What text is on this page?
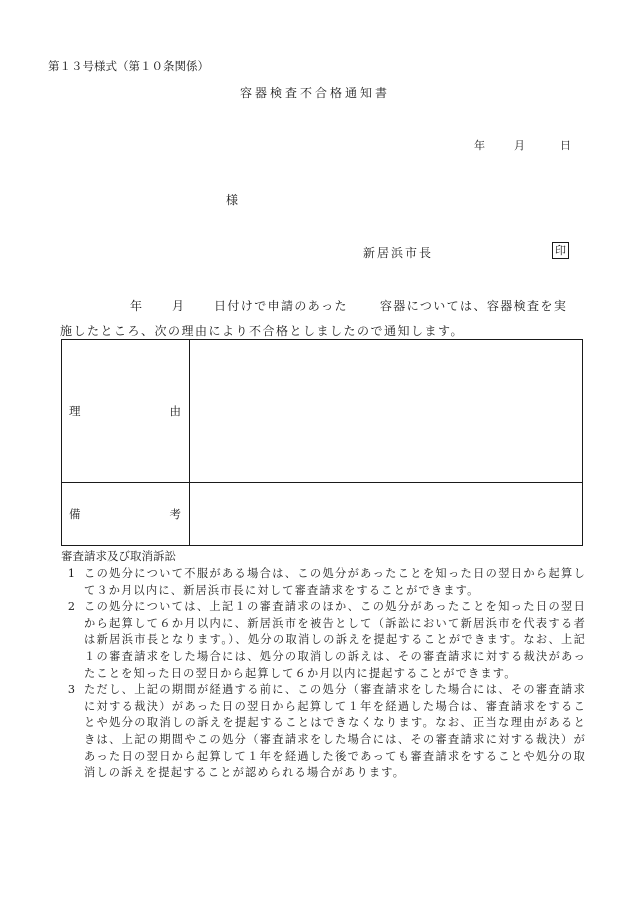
第１３号様式（第１０条関係）
容器検査不合格通知書
年	月	日
様
新居浜市長	印
年 月 日付けで申請のあった	容器については、容器検査を実
施したところ、次の理由により不合格としましたので通知します。
理 由	

備 考	

審査請求及び取消訴訟
1 この処分について不服がある場合は、この処分があったことを知った日の翌日から起算して３か月以内に、新居浜市長に対して審査請求をすることができます。
2 この処分については、上記１の審査請求のほか、この処分があったことを知った日の翌日から起算して６か月以内に、新居浜市を被告として（訴訟において新居浜市を代表する者は新居浜市長となります。）、処分の取消しの訴えを提起することができます。なお、上記１の審査請求をした場合には、処分の取消しの訴えは、その審査請求に対する裁決があったことを知った日の翌日から起算して６か月以内に提起することができます。
3 ただし、上記の期間が経過する前に、この処分（審査請求をした場合には、その審査請求に対する裁決）があった日の翌日から起算して１年を経過した場合は、審査請求をすることや処分の取消しの訴えを提起することはできなくなります。なお、正当な理由があるときは、上記の期間やこの処分（審査請求をした場合には、その審査請求に対する裁決）があった日の翌日から起算して１年を経過した後であっても審査請求をすることや処分の取消しの訴えを提起することが認められる場合があります。
